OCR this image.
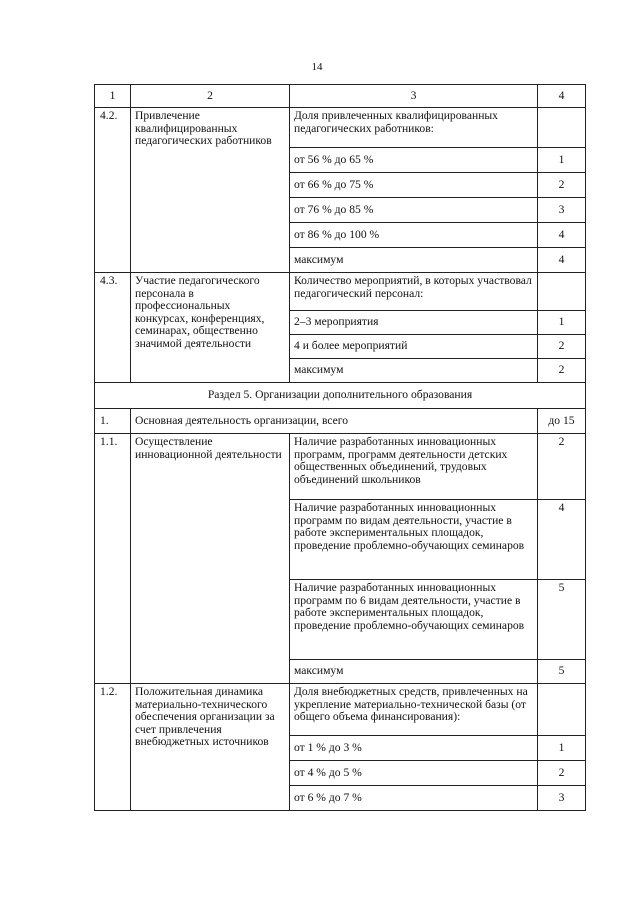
14
1	2	3	4
4.2.	Привлечение квалифицированных педагогических работников	Доля привлеченных квалифицированных педагогических работников:	
		от 56 % до 65 %	1
		от 66 % до 75 %	2
		от 76 % до 85 %	3
		от 86 % до 100 %	4
		максимум	4
4.3.	Участие педагогического персонала в профессиональных конкурсах, конференциях, семинарах, общественно значимой деятельности	Количество мероприятий, в которых участвовал педагогический персонал:	
		2–3 мероприятия	1
		4 и более мероприятий	2
		максимум	2
Раздел 5. Организации дополнительного образования			
1.	Основная деятельность организации, всего		до 15
1.1.	Осуществление инновационной деятельности	Наличие разработанных инновационных программ, программ деятельности детских общественных объединений, трудовых объединений школьников	2
		Наличие разработанных инновационных программ по видам деятельности, участие в работе экспериментальных площадок, проведение проблемно-обучающих семинаров	4
		Наличие разработанных инновационных программ по 6 видам деятельности, участие в работе экспериментальных площадок, проведение проблемно-обучающих семинаров	5
		максимум	5
1.2.	Положительная динамика материально-технического обеспечения организации за счет привлечения внебюджетных источников	Доля внебюджетных средств, привлеченных на укрепление материально-технической базы (от общего объема финансирования):	
		от 1 % до 3 %	1
		от 4 % до 5 %	2
		от 6 % до 7 %	3
